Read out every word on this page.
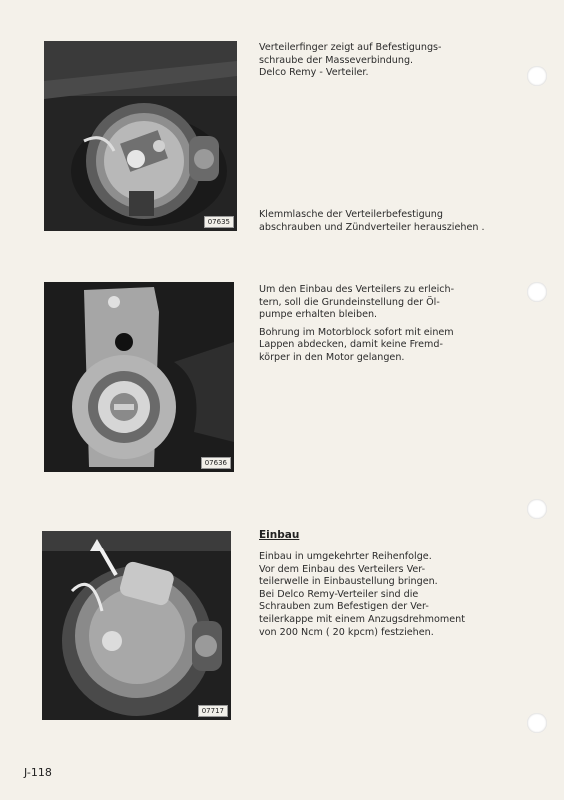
07635
Verteilerfinger zeigt auf Befestigungs-
schraube der Masseverbindung.
Delco Remy - Verteiler.
Klemmlasche der Verteilerbefestigung
abschrauben und Zündverteiler herausziehen .
07636

Um den Einbau des Verteilers zu erleich-
tern, soll die Grundeinstellung der Öl-
pumpe erhalten bleiben.

Bohrung im Motorblock sofort mit einem
Lappen abdecken, damit keine Fremd-
körper in den Motor gelangen.

07717
Einbau
Einbau in umgekehrter Reihenfolge.
Vor dem Einbau des Verteilers Ver-
teilerwelle in Einbaustellung bringen.
Bei Delco Remy-Verteiler sind die
Schrauben zum Befestigen der Ver-
teilerkappe mit einem Anzugsdrehmoment
von 200 Ncm ( 20 kpcm) festziehen.
J-118
